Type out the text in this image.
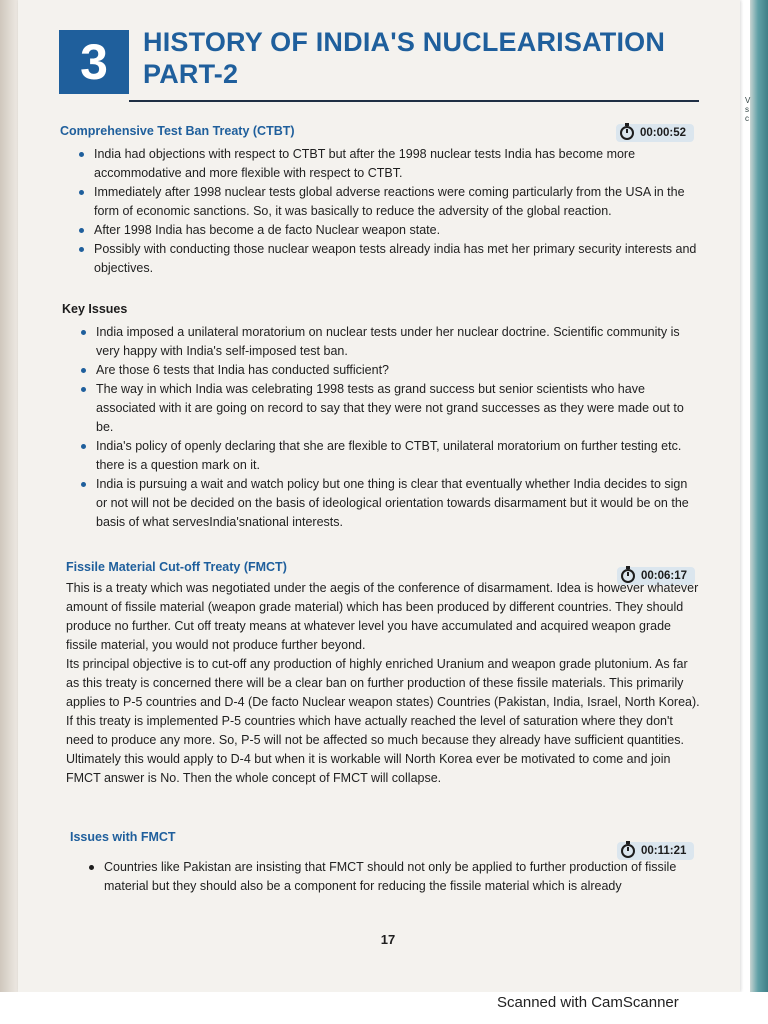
V
s
c
3	HISTORY OF INDIA'S NUCLEARISATION
PART-2
Comprehensive Test Ban Treaty (CTBT)	00:00:52
India had objections with respect to CTBT but after the 1998 nuclear tests India has become more accommodative and more flexible with respect to CTBT.
Immediately after 1998 nuclear tests global adverse reactions were coming particularly from the USA in the form of economic sanctions. So, it was basically to reduce the adversity of the global reaction.
After 1998 India has become a de facto Nuclear weapon state.
Possibly with conducting those nuclear weapon tests already india has met her primary security interests and objectives.
Key Issues
India imposed a unilateral moratorium on nuclear tests under her nuclear doctrine. Scientific community is very happy with India's self-imposed test ban.
Are those 6 tests that India has conducted sufficient?
The way in which India was celebrating 1998 tests as grand success but senior scientists who have associated with it are going on record to say that they were not grand successes as they were made out to be.
India's policy of openly declaring that she are flexible to CTBT, unilateral moratorium on further testing etc. there is a question mark on it.
India is pursuing a wait and watch policy but one thing is clear that eventually whether India decides to sign or not will not be decided on the basis of ideological orientation towards disarmament but it would be on the basis of what servesIndia'snational interests.
Fissile Material Cut-off Treaty (FMCT)
00:06:17

This is a treaty which was negotiated under the aegis of the conference of disarmament. Idea is however whatever amount of fissile material (weapon grade material) which has been produced by different countries. They should produce no further. Cut off treaty means at whatever level you have accumulated and acquired weapon grade fissile material, you would not produce further beyond.

Its principal objective is to cut-off any production of highly enriched Uranium and weapon grade plutonium. As far as this treaty is concerned there will be a clear ban on further production of these fissile materials. This primarily applies to P-5 countries and D-4 (De facto Nuclear weapon states) Countries (Pakistan, India, Israel, North Korea).

If this treaty is implemented P-5 countries which have actually reached the level of saturation where they don't need to produce any more. So, P-5 will not be affected so much because they already have sufficient quantities. Ultimately this would apply to D-4 but when it is workable will North Korea ever be motivated to come and join FMCT answer is No. Then the whole concept of FMCT will collapse.

Issues with FMCT
00:11:21
Countries like Pakistan are insisting that FMCT should not only be applied to further production of fissile material but they should also be a component for reducing the fissile material which is already
17
Scanned with CamScanner
